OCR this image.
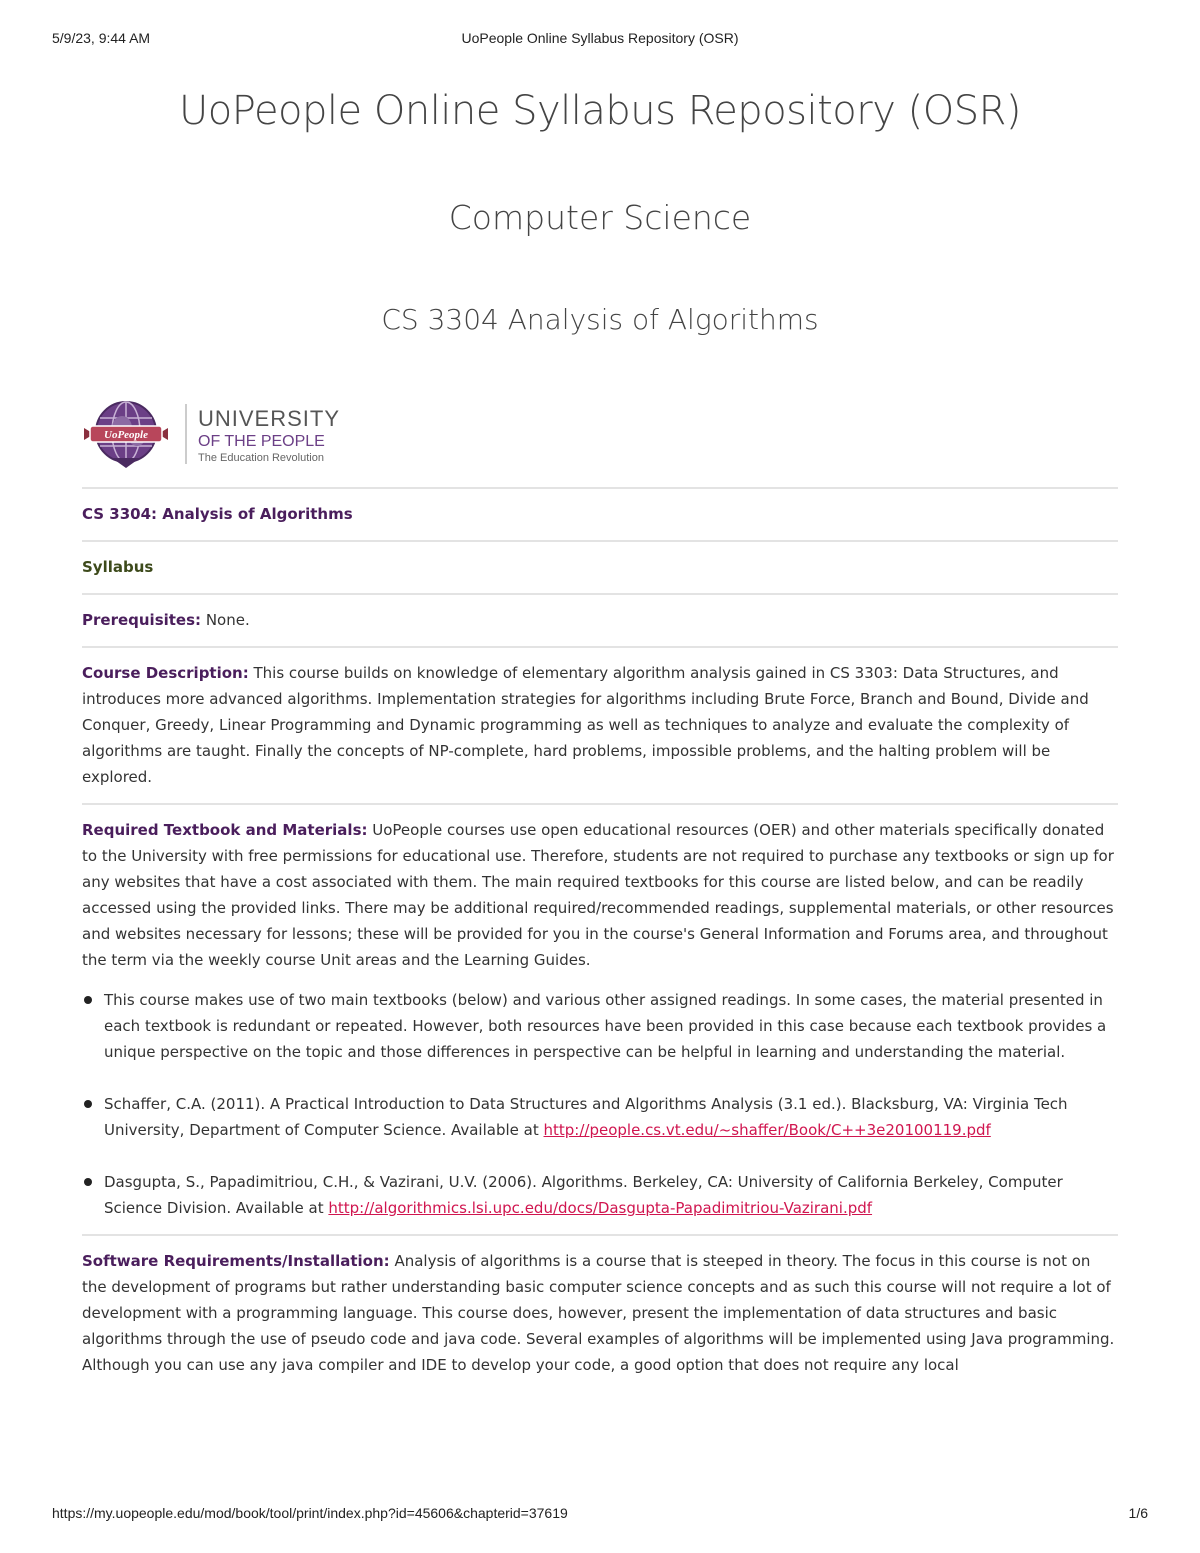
5/9/23, 9:44 AM	UoPeople Online Syllabus Repository (OSR)
UoPeople Online Syllabus Repository (OSR)
Computer Science
CS 3304 Analysis of Algorithms
UoPeople
UNIVERSITY
OF THE PEOPLE
The Education Revolution

CS 3304: Analysis of Algorithms

Syllabus

Prerequisites: None.

Course Description: This course builds on knowledge of elementary algorithm analysis gained in CS 3303: Data Structures, and introduces more advanced algorithms. Implementation strategies for algorithms including Brute Force, Branch and Bound, Divide and Conquer, Greedy, Linear Programming and Dynamic programming as well as techniques to analyze and evaluate the complexity of algorithms are taught. Finally the concepts of NP-complete, hard problems, impossible problems, and the halting problem will be explored.

Required Textbook and Materials: UoPeople courses use open educational resources (OER) and other materials specifically donated to the University with free permissions for educational use. Therefore, students are not required to purchase any textbooks or sign up for any websites that have a cost associated with them. The main required textbooks for this course are listed below, and can be readily accessed using the provided links. There may be additional required/recommended readings, supplemental materials, or other resources and websites necessary for lessons; these will be provided for you in the course's General Information and Forums area, and throughout the term via the weekly course Unit areas and the Learning Guides.

This course makes use of two main textbooks (below) and various other assigned readings. In some cases, the material presented in each textbook is redundant or repeated. However, both resources have been provided in this case because each textbook provides a unique perspective on the topic and those differences in perspective can be helpful in learning and understanding the material.
Schaffer, C.A. (2011). A Practical Introduction to Data Structures and Algorithms Analysis (3.1 ed.). Blacksburg, VA: Virginia Tech University, Department of Computer Science. Available at http://people.cs.vt.edu/~shaffer/Book/C++3e20100119.pdf
Dasgupta, S., Papadimitriou, C.H., & Vazirani, U.V. (2006). Algorithms. Berkeley, CA: University of California Berkeley, Computer Science Division. Available at http://algorithmics.lsi.upc.edu/docs/Dasgupta-Papadimitriou-Vazirani.pdf

Software Requirements/Installation: Analysis of algorithms is a course that is steeped in theory. The focus in this course is not on the development of programs but rather understanding basic computer science concepts and as such this course will not require a lot of development with a programming language. This course does, however, present the implementation of data structures and basic algorithms through the use of pseudo code and java code. Several examples of algorithms will be implemented using Java programming. Although you can use any java compiler and IDE to develop your code, a good option that does not require any local

https://my.uopeople.edu/mod/book/tool/print/index.php?id=45606&chapterid=37619	1/6
